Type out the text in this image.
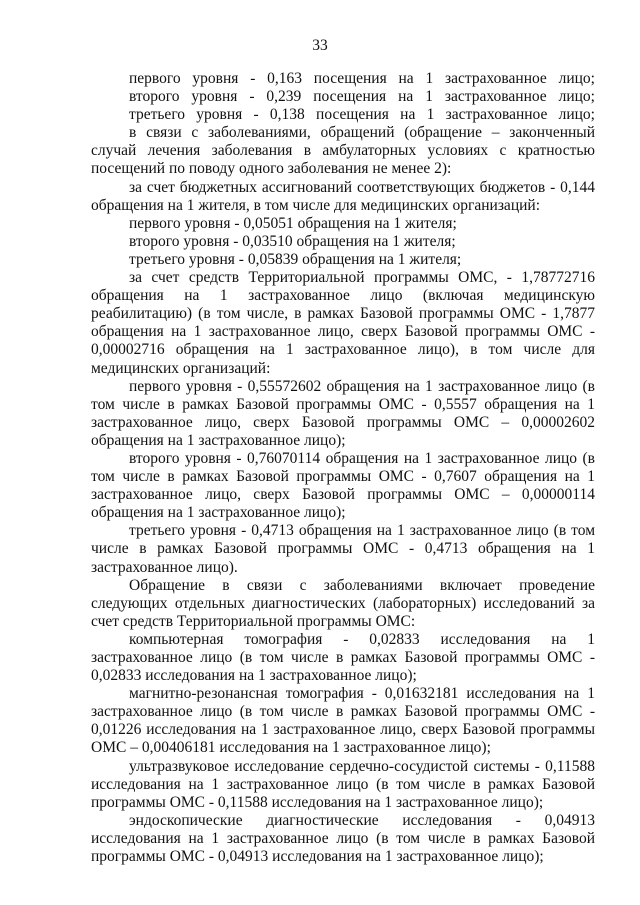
33

первого уровня - 0,163 посещения на 1 застрахованное лицо;

второго уровня - 0,239 посещения на 1 застрахованное лицо;

третьего уровня - 0,138 посещения на 1 застрахованное лицо;

в связи с заболеваниями, обращений (обращение – законченный случай лечения заболевания в амбулаторных условиях с кратностью посещений по поводу одного заболевания не менее 2):

за счет бюджетных ассигнований соответствующих бюджетов - 0,144 обращения на 1 жителя, в том числе для медицинских организаций:

первого уровня - 0,05051 обращения на 1 жителя;

второго уровня - 0,03510 обращения на 1 жителя;

третьего уровня - 0,05839 обращения на 1 жителя;

за счет средств Территориальной программы ОМС, - 1,78772716 обращения на 1 застрахованное лицо (включая медицинскую реабилитацию) (в том числе, в рамках Базовой программы ОМС - 1,7877 обращения на 1 застрахованное лицо, сверх Базовой программы ОМС - 0,00002716 обращения на 1 застрахованное лицо), в том числе для медицинских организаций:

первого уровня - 0,55572602 обращения на 1 застрахованное лицо (в том числе в рамках Базовой программы ОМС - 0,5557 обращения на 1 застрахованное лицо, сверх Базовой программы ОМС – 0,00002602 обращения на 1 застрахованное лицо);

второго уровня - 0,76070114 обращения на 1 застрахованное лицо (в том числе в рамках Базовой программы ОМС - 0,7607 обращения на 1 застрахованное лицо, сверх Базовой программы ОМС – 0,00000114 обращения на 1 застрахованное лицо);

третьего уровня - 0,4713 обращения на 1 застрахованное лицо (в том числе в рамках Базовой программы ОМС - 0,4713 обращения на 1 застрахованное лицо).

Обращение в связи с заболеваниями включает проведение следующих отдельных диагностических (лабораторных) исследований за счет средств Территориальной программы ОМС:

компьютерная томография - 0,02833 исследования на 1 застрахованное лицо (в том числе в рамках Базовой программы ОМС - 0,02833 исследования на 1 застрахованное лицо);

магнитно-резонансная томография - 0,01632181 исследования на 1 застрахованное лицо (в том числе в рамках Базовой программы ОМС - 0,01226 исследования на 1 застрахованное лицо, сверх Базовой программы ОМС – 0,00406181 исследования на 1 застрахованное лицо);

ультразвуковое исследование сердечно-сосудистой системы - 0,11588 исследования на 1 застрахованное лицо (в том числе в рамках Базовой программы ОМС - 0,11588 исследования на 1 застрахованное лицо);

эндоскопические диагностические исследования - 0,04913 исследования на 1 застрахованное лицо (в том числе в рамках Базовой программы ОМС - 0,04913 исследования на 1 застрахованное лицо);
